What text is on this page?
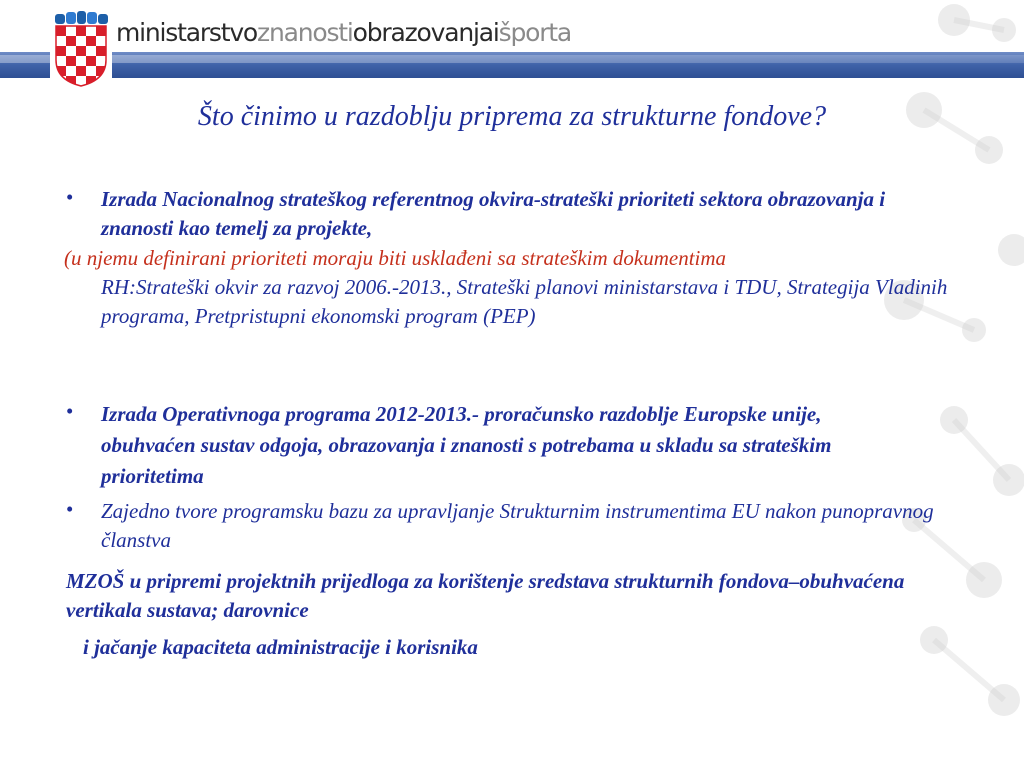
ministarstvoznanostiobrazovanjaišporta
Što činimo u razdoblju priprema za strukturne fondove?
• Izrada Nacionalnog strateškog referentnog okvira-strateški prioriteti sektora obrazovanja i znanosti kao temelj za projekte,

(u njemu definirani prioriteti moraju biti usklađeni sa strateškim dokumentima

RH:Strateški okvir za razvoj 2006.-2013., Strateški planovi ministarstava i TDU, Strategija Vladinih programa, Pretpristupni ekonomski program (PEP)

• Izrada Operativnoga programa 2012-2013.- proračunsko razdoblje Europske unije, obuhvaćen sustav odgoja, obrazovanja i znanosti s potrebama u skladu sa strateškim prioritetima

• Zajedno tvore programsku bazu za upravljanje Strukturnim instrumentima EU nakon punopravnog članstva

MZOŠ u pripremi projektnih prijedloga za korištenje sredstava strukturnih fondova–obuhvaćena vertikala sustava; darovnice

i jačanje kapaciteta administracije i korisnika
